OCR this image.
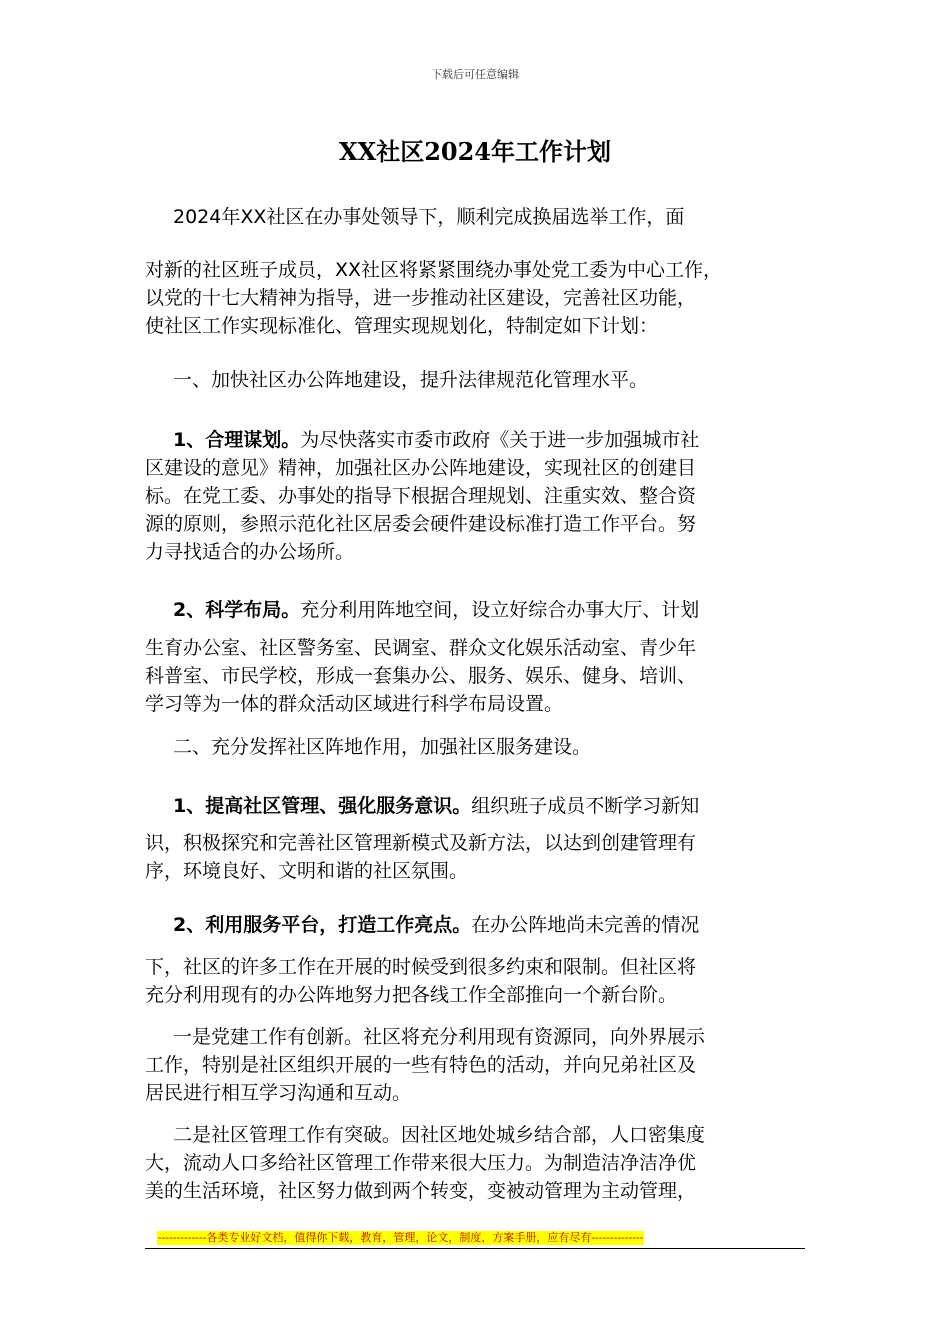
下载后可任意编辑
XX社区2024年工作计划

2024年XX社区在办事处领导下，顺利完成换届选举工作，面

对新的社区班子成员，XX社区将紧紧围绕办事处党工委为中心工作，

以党的十七大精神为指导，进一步推动社区建设，完善社区功能，

使社区工作实现标准化、管理实现规划化，特制定如下计划：

一、加快社区办公阵地建设，提升法律规范化管理水平。

1、合理谋划。为尽快落实市委市政府《关于进一步加强城市社

区建设的意见》精神，加强社区办公阵地建设，实现社区的创建目

标。在党工委、办事处的指导下根据合理规划、注重实效、整合资

源的原则，参照示范化社区居委会硬件建设标准打造工作平台。努

力寻找适合的办公场所。

2、科学布局。充分利用阵地空间，设立好综合办事大厅、计划

生育办公室、社区警务室、民调室、群众文化娱乐活动室、青少年

科普室、市民学校，形成一套集办公、服务、娱乐、健身、培训、

学习等为一体的群众活动区域进行科学布局设置。

二、充分发挥社区阵地作用，加强社区服务建设。

1、提高社区管理、强化服务意识。组织班子成员不断学习新知

识，积极探究和完善社区管理新模式及新方法，以达到创建管理有

序，环境良好、文明和谐的社区氛围。

2、利用服务平台，打造工作亮点。在办公阵地尚未完善的情况

下，社区的许多工作在开展的时候受到很多约束和限制。但社区将

充分利用现有的办公阵地努力把各线工作全部推向一个新台阶。

一是党建工作有创新。社区将充分利用现有资源同，向外界展示

工作，特别是社区组织开展的一些有特色的活动，并向兄弟社区及

居民进行相互学习沟通和互动。

二是社区管理工作有突破。因社区地处城乡结合部，人口密集度

大，流动人口多给社区管理工作带来很大压力。为制造洁净洁净优

美的生活环境，社区努力做到两个转变，变被动管理为主动管理，

-------------各类专业好文档，值得你下载，教育，管理，论文，制度，方案手册，应有尽有--------------
